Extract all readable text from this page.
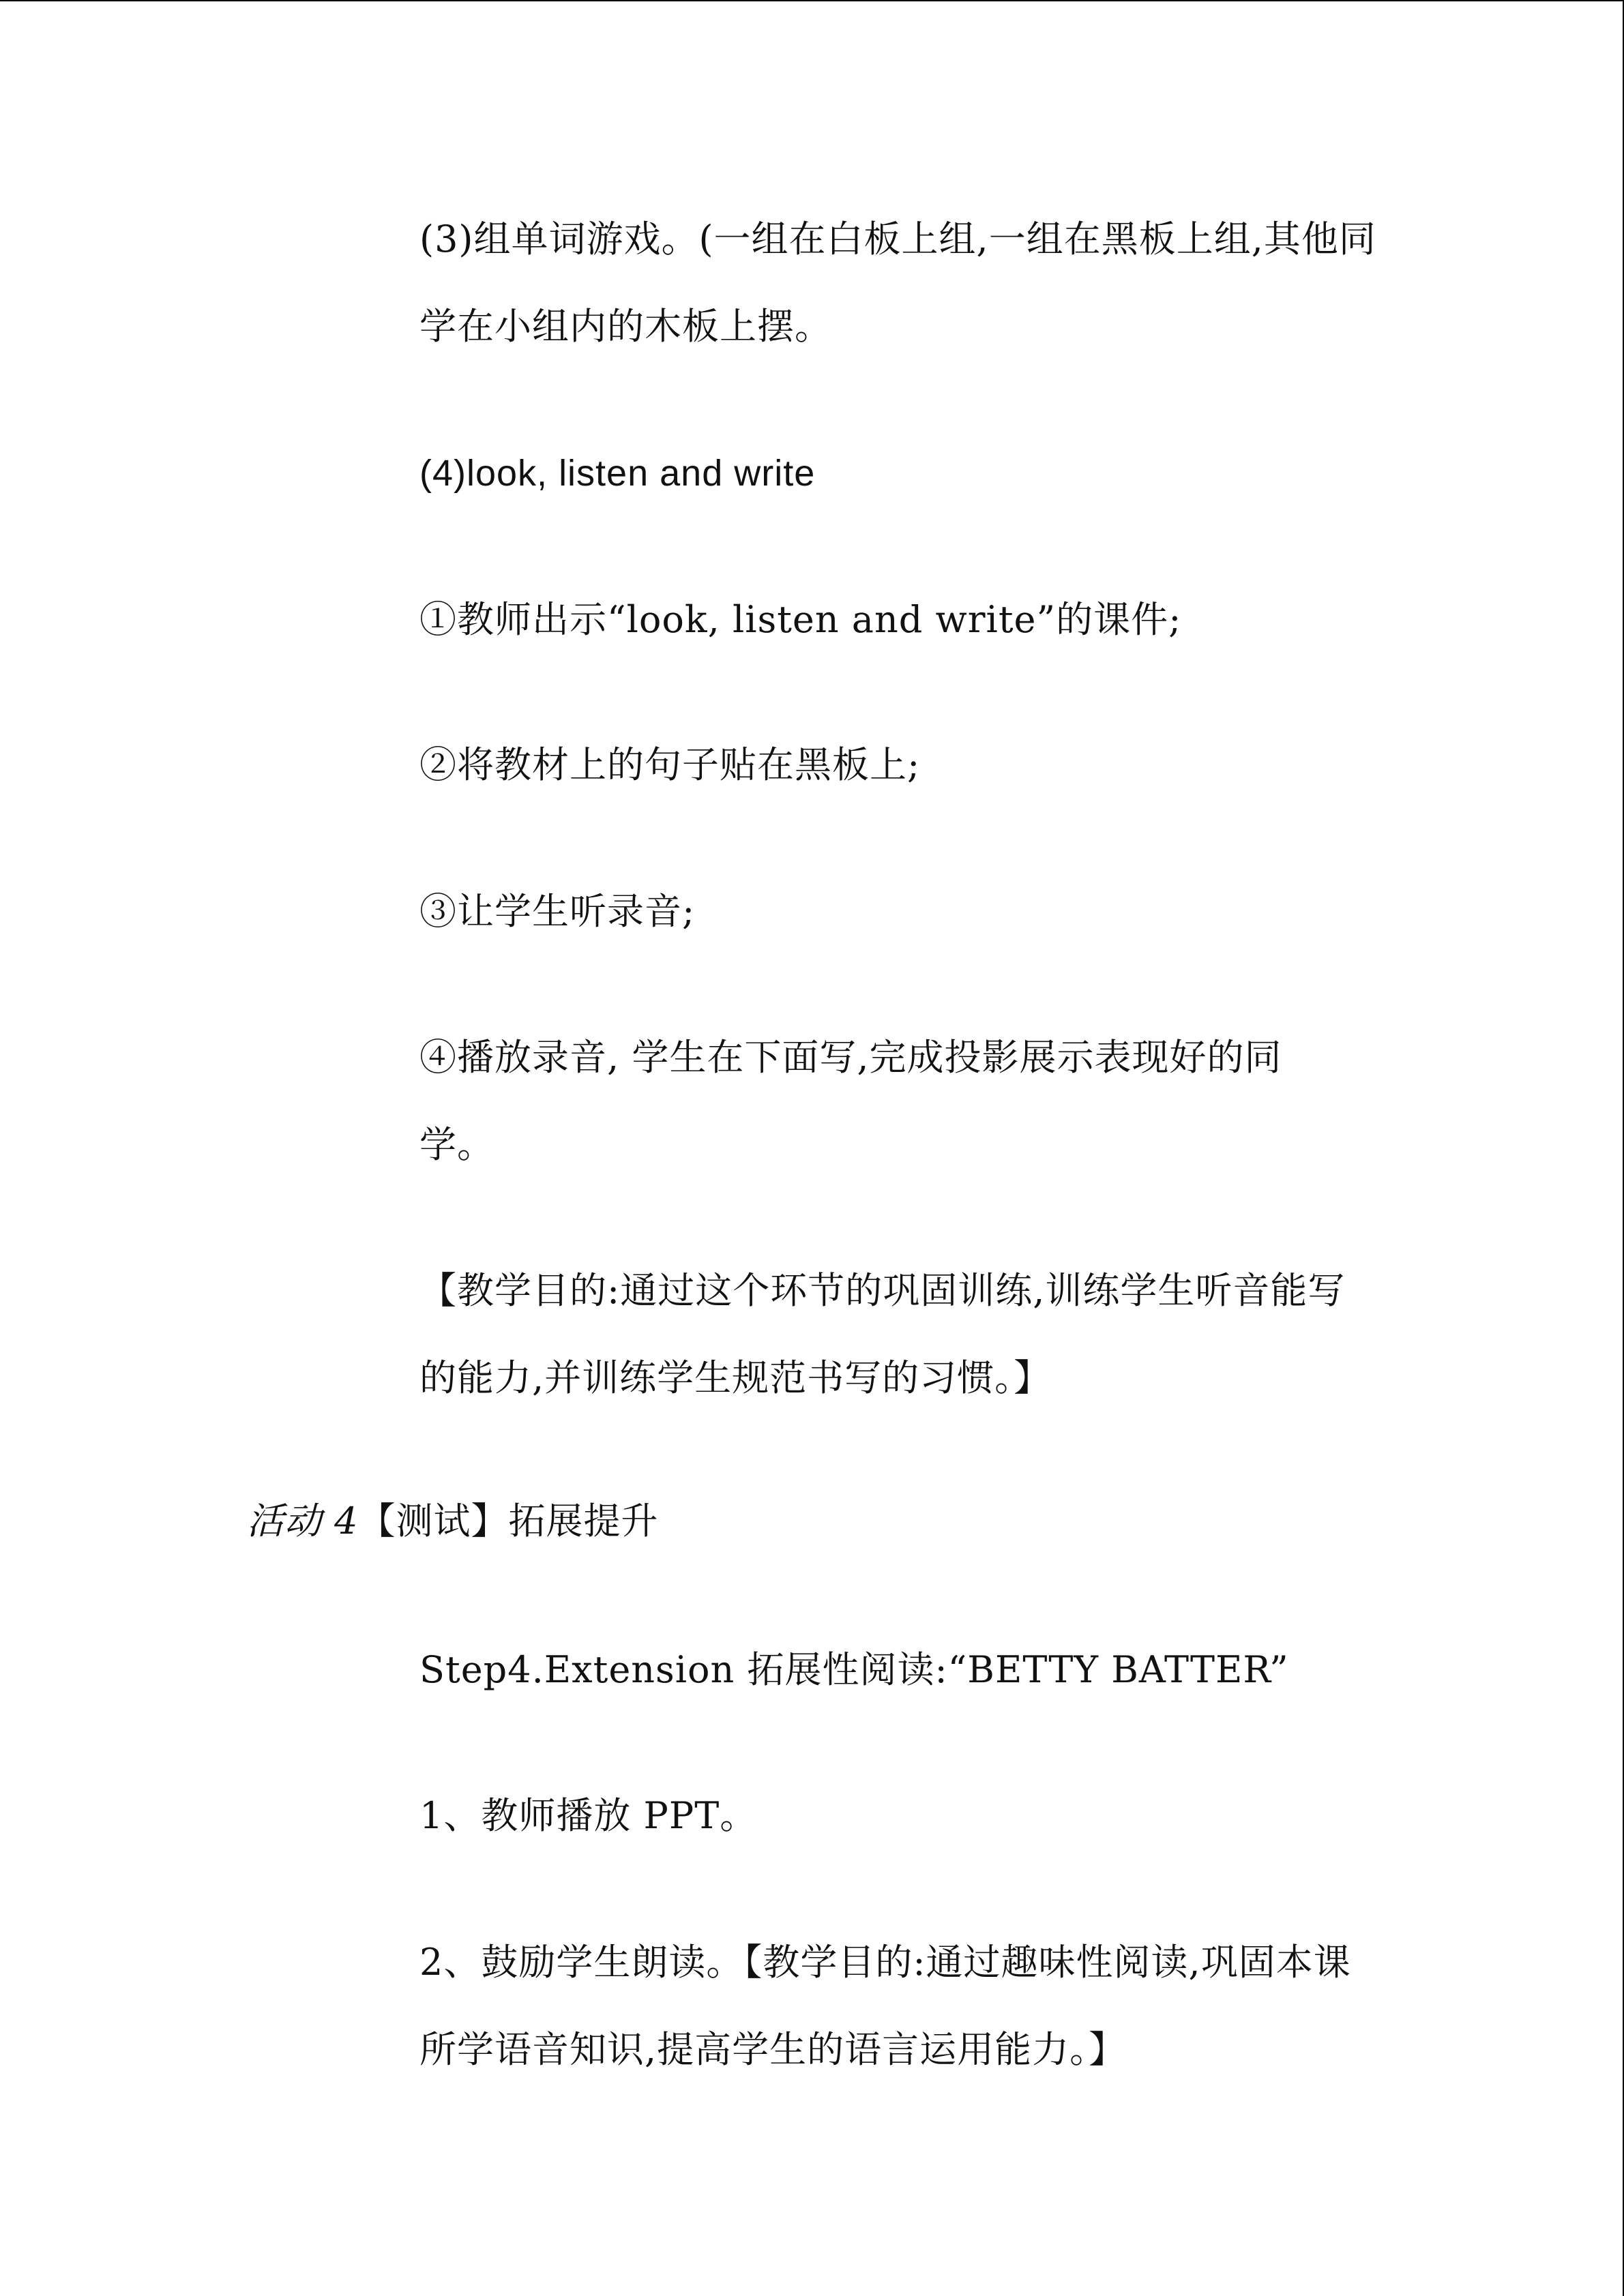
(3)组单词游戏。(一组在白板上组,一组在黑板上组,其他同
学在小组内的木板上摆。
(4)look, listen and write
①教师出示“look, listen and write”的课件;
②将教材上的句子贴在黑板上;
③让学生听录音;
④播放录音, 学生在下面写,完成投影展示表现好的同
学。
【教学目的:通过这个环节的巩固训练,训练学生听音能写
的能力,并训练学生规范书写的习惯。】
活动 4【测试】拓展提升
Step4.Extension 拓展性阅读:“BETTY BATTER”
1、教师播放 PPT。
2、鼓励学生朗读。【教学目的:通过趣味性阅读,巩固本课
所学语音知识,提高学生的语言运用能力。】
